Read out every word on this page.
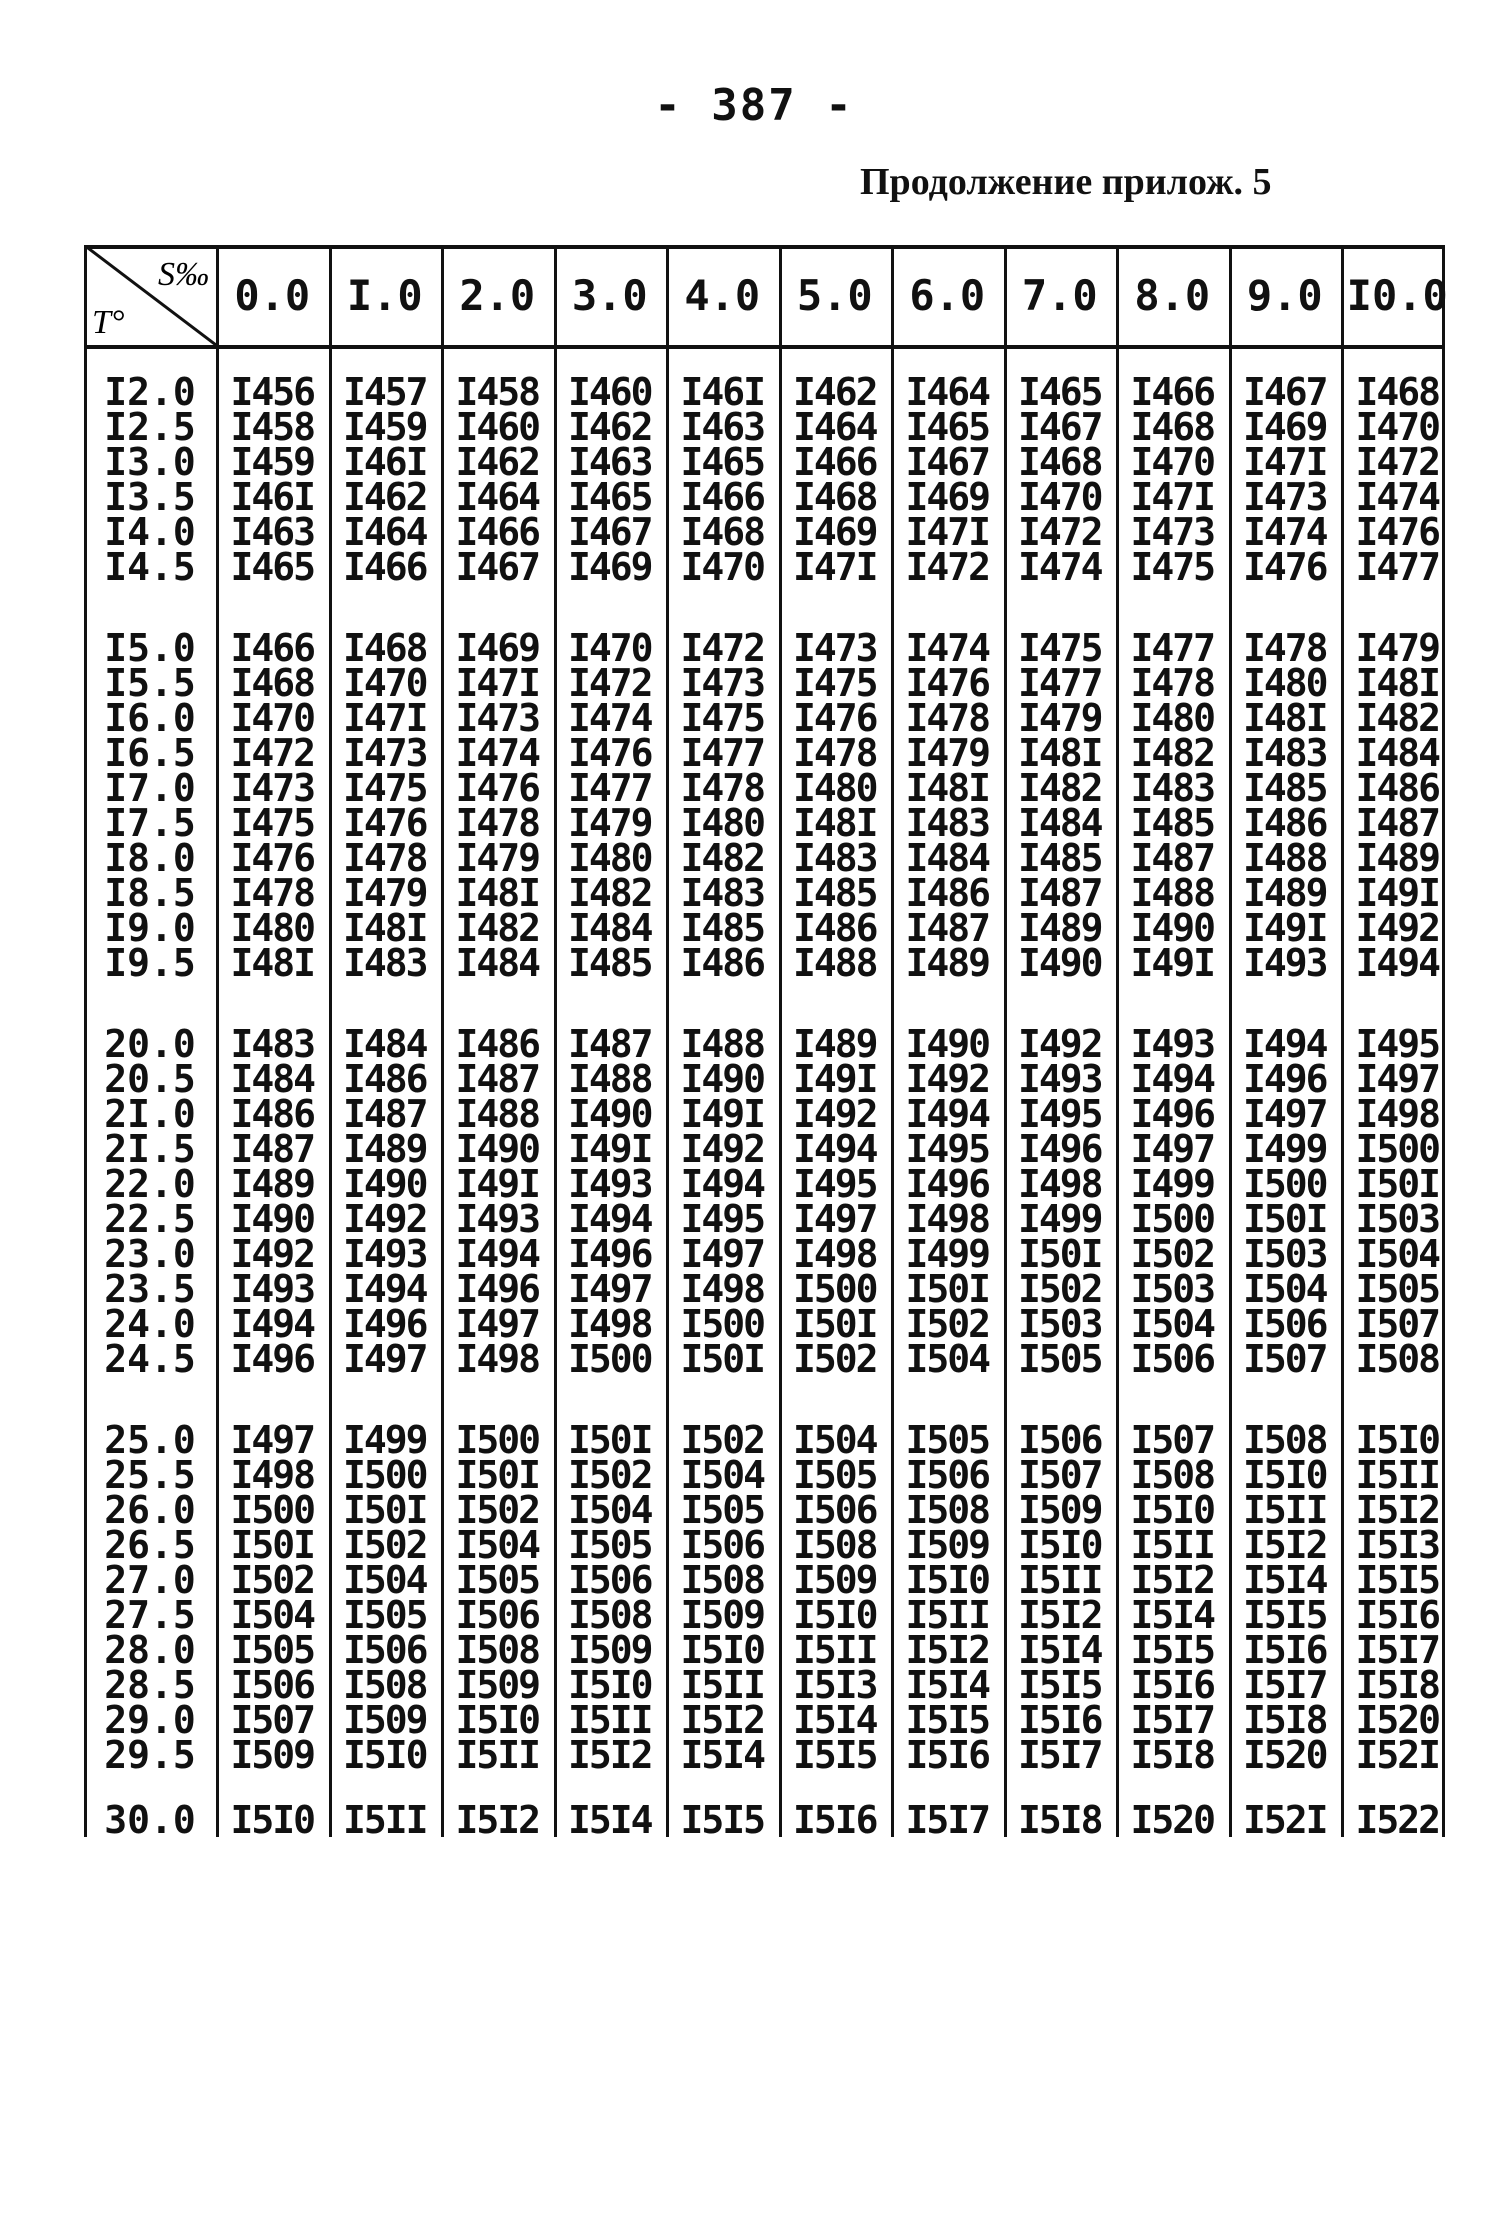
- 387 -
Продолжение прилож. 5
T°
S‰
I2.0
I2.5
I3.0
I3.5
I4.0
I4.5
I5.0
I5.5
I6.0
I6.5
I7.0
I7.5
I8.0
I8.5
I9.0
I9.5
20.0
20.5
2I.0
2I.5
22.0
22.5
23.0
23.5
24.0
24.5
25.0
25.5
26.0
26.5
27.0
27.5
28.0
28.5
29.0
29.5
0.0 I.0 2.0 3.0 4.0 5.0 6.0 7.0 8.0 9.0 I0.0
I456
I458
I459
I46I
I463
I465
I466
I468
I470
I472
I473
I475
I476
I478
I480
I48I
I483
I484
I486
I487
I489
I490
I492
I493
I494
I496
I497
I498
I500
I50I
I502
I504
I505
I506
I507
I509
I457
I459
I46I
I462
I464
I466
I468
I470
I47I
I473
I475
I476
I478
I479
I48I
I483
I484
I486
I487
I489
I490
I492
I493
I494
I496
I497
I499
I500
I50I
I502
I504
I505
I506
I508
I509
I5I0
I458
I460
I462
I464
I466
I467
I469
I47I
I473
I474
I476
I478
I479
I48I
I482
I484
I486
I487
I488
I490
I49I
I493
I494
I496
I497
I498
I500
I50I
I502
I504
I505
I506
I508
I509
I5I0
I5II
I460
I462
I463
I465
I467
I469
I470
I472
I474
I476
I477
I479
I480
I482
I484
I485
I487
I488
I490
I49I
I493
I494
I496
I497
I498
I500
I50I
I502
I504
I505
I506
I508
I509
I5I0
I5II
I5I2
I46I
I463
I465
I466
I468
I470
I472
I473
I475
I477
I478
I480
I482
I483
I485
I486
I488
I490
I49I
I492
I494
I495
I497
I498
I500
I50I
I502
I504
I505
I506
I508
I509
I5I0
I5II
I5I2
I5I4
I462
I464
I466
I468
I469
I47I
I473
I475
I476
I478
I480
I48I
I483
I485
I486
I488
I489
I49I
I492
I494
I495
I497
I498
I500
I50I
I502
I504
I505
I506
I508
I509
I5I0
I5II
I5I3
I5I4
I5I5
I464
I465
I467
I469
I47I
I472
I474
I476
I478
I479
I48I
I483
I484
I486
I487
I489
I490
I492
I494
I495
I496
I498
I499
I50I
I502
I504
I505
I506
I508
I509
I5I0
I5II
I5I2
I5I4
I5I5
I5I6
I465
I467
I468
I470
I472
I474
I475
I477
I479
I48I
I482
I484
I485
I487
I489
I490
I492
I493
I495
I496
I498
I499
I50I
I502
I503
I505
I506
I507
I509
I5I0
I5II
I5I2
I5I4
I5I5
I5I6
I5I7
I466
I468
I470
I47I
I473
I475
I477
I478
I480
I482
I483
I485
I487
I488
I490
I49I
I493
I494
I496
I497
I499
I500
I502
I503
I504
I506
I507
I508
I5I0
I5II
I5I2
I5I4
I5I5
I5I6
I5I7
I5I8
I467
I469
I47I
I473
I474
I476
I478
I480
I48I
I483
I485
I486
I488
I489
I49I
I493
I494
I496
I497
I499
I500
I50I
I503
I504
I506
I507
I508
I5I0
I5II
I5I2
I5I4
I5I5
I5I6
I5I7
I5I8
I520
I468
I470
I472
I474
I476
I477
I479
I48I
I482
I484
I486
I487
I489
I49I
I492
I494
I495
I497
I498
I500
I50I
I503
I504
I505
I507
I508
I5I0
I5II
I5I2
I5I3
I5I5
I5I6
I5I7
I5I8
I520
I52I
30.0 I5I0 I5II I5I2 I5I4 I5I5 I5I6 I5I7 I5I8 I520 I52I I522
